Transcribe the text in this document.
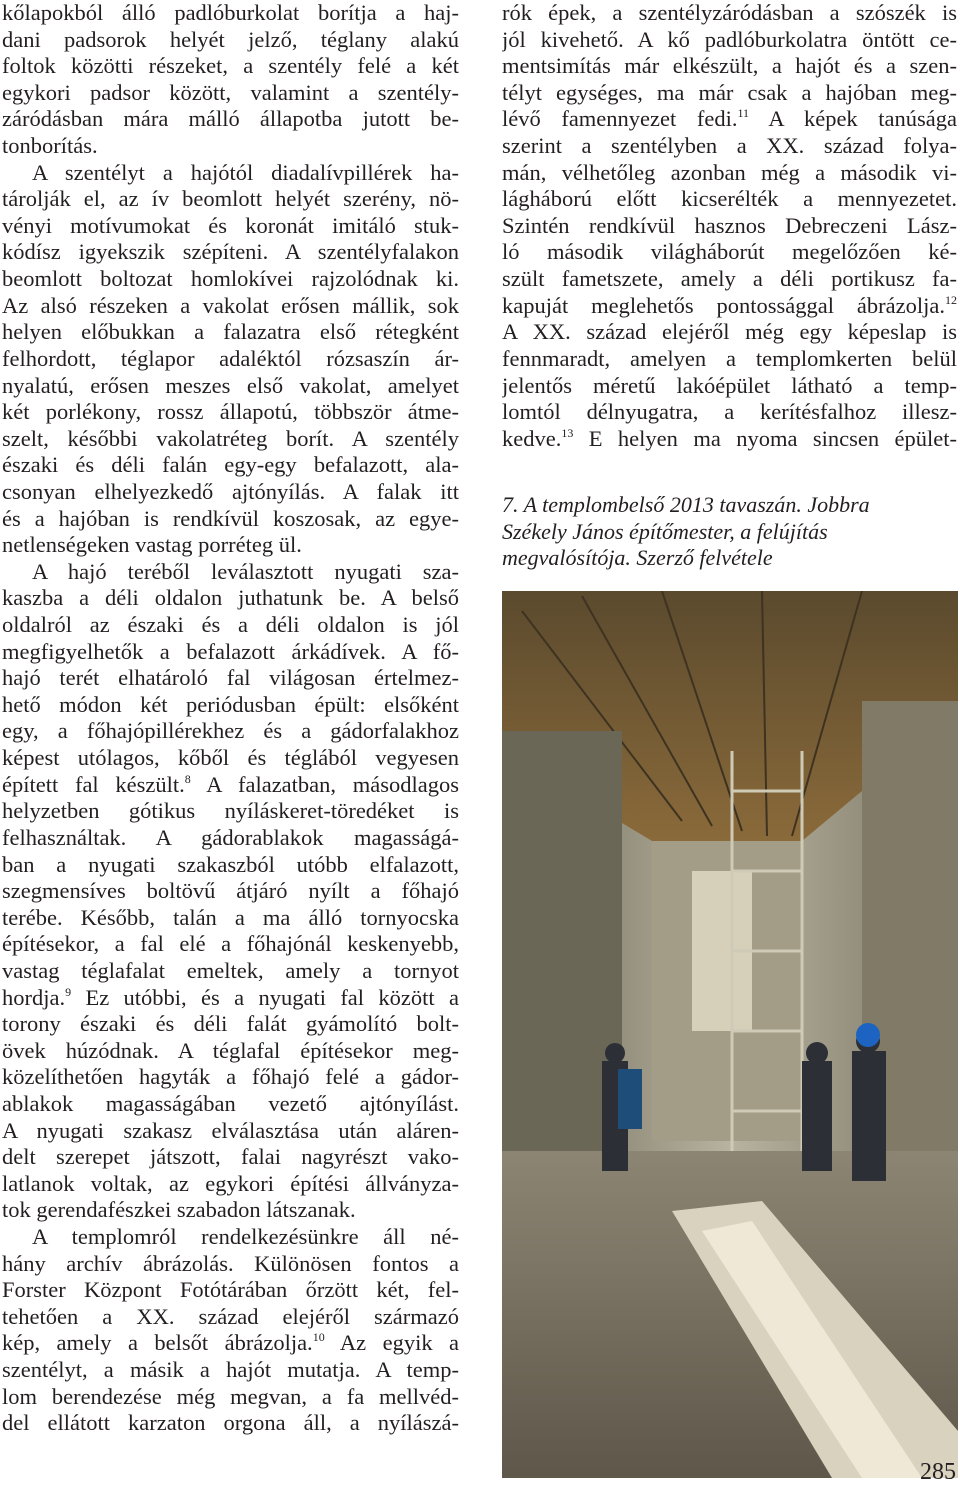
kőlapokból álló padlóburkolat borítja a haj-
dani padsorok helyét jelző, téglany alakú
foltok közötti részeket, a szentély felé a két
egykori padsor között, valamint a szentély-
záródásban mára málló állapotba jutott be-
tonborítás.
A szentélyt a hajótól diadalívpillérek ha-
tárolják el, az ív beomlott helyét szerény, nö-
vényi motívumokat és koronát imitáló stuk-
kódísz igyekszik szépíteni. A szentélyfalakon
beomlott boltozat homlokívei rajzolódnak ki.
Az alsó részeken a vakolat erősen mállik, sok
helyen előbukkan a falazatra első rétegként
felhordott, téglapor adaléktól rózsaszín ár-
nyalatú, erősen meszes első vakolat, amelyet
két porlékony, rossz állapotú, többször átme-
szelt, későbbi vakolatréteg borít. A szentély
északi és déli falán egy-egy befalazott, ala-
csonyan elhelyezkedő ajtónyílás. A falak itt
és a hajóban is rendkívül koszosak, az egye-
netlenségeken vastag porréteg ül.
A hajó teréből leválasztott nyugati sza-
kaszba a déli oldalon juthatunk be. A belső
oldalról az északi és a déli oldalon is jól
megfigyelhetők a befalazott árkádívek. A fő-
hajó terét elhatároló fal világosan értelmez-
hető módon két periódusban épült: elsőként
egy, a főhajópillérekhez és a gádorfalakhoz
képest utólagos, kőből és téglából vegyesen
épített fal készült.$^8$ A falazatban, másodlagos
helyzetben gótikus nyíláskeret-töredéket is
felhasználtak. A gádorablakok magasságá-
ban a nyugati szakaszból utóbb elfalazott,
szegmensíves boltövű átjáró nyílt a főhajó
terébe. Később, talán a ma álló tornyocska
építésekor, a fal elé a főhajónál keskenyebb,
vastag téglafalat emeltek, amely a tornyot
hordja.$^9$ Ez utóbbi, és a nyugati fal között a
torony északi és déli falát gyámolító bolt-
övek húzódnak. A téglafal építésekor meg-
közelíthetően hagyták a főhajó felé a gádor-
ablakok magasságában vezető ajtónyílást.
A nyugati szakasz elválasztása után aláren-
delt szerepet játszott, falai nagyrészt vako-
latlanok voltak, az egykori építési állványza-
tok gerendafészkei szabadon látszanak.
A templomról rendelkezésünkre áll né-
hány archív ábrázolás. Különösen fontos a
Forster Központ Fotótárában őrzött két, fel-
tehetően a XX. század elejéről származó
kép, amely a belsőt ábrázolja.$^{10}$ Az egyik a
szentélyt, a másik a hajót mutatja. A temp-
lom berendezése még megvan, a fa mellvéd-
del ellátott karzaton orgona áll, a nyílászá-
rók épek, a szentélyzáródásban a szószék is
jól kivehető. A kő padlóburkolatra öntött ce-
mentsimítás már elkészült, a hajót és a szen-
télyt egységes, ma már csak a hajóban meg-
lévő famennyezet fedi.$^{11}$ A képek tanúsága
szerint a szentélyben a XX. század folya-
mán, vélhetőleg azonban még a második vi-
lágháború előtt kicserélték a mennyezetet.
Szintén rendkívül hasznos Debreczeni Lász-
ló második világháborút megelőzően ké-
szült fametszete, amely a déli portikusz fa-
kapuját meglehetős pontossággal ábrázolja.$^{12}$
A XX. század elejéről még egy képeslap is
fennmaradt, amelyen a templomkerten belül
jelentős méretű lakóépület látható a temp-
lomtól délnyugatra, a kerítésfalhoz illesz-
kedve.$^{13}$ E helyen ma nyoma sincsen épület-
7. A templombelső 2013 tavaszán. Jobbra
Székely János építőmester, a felújítás
megvalósítója. Szerző felvétele
285
